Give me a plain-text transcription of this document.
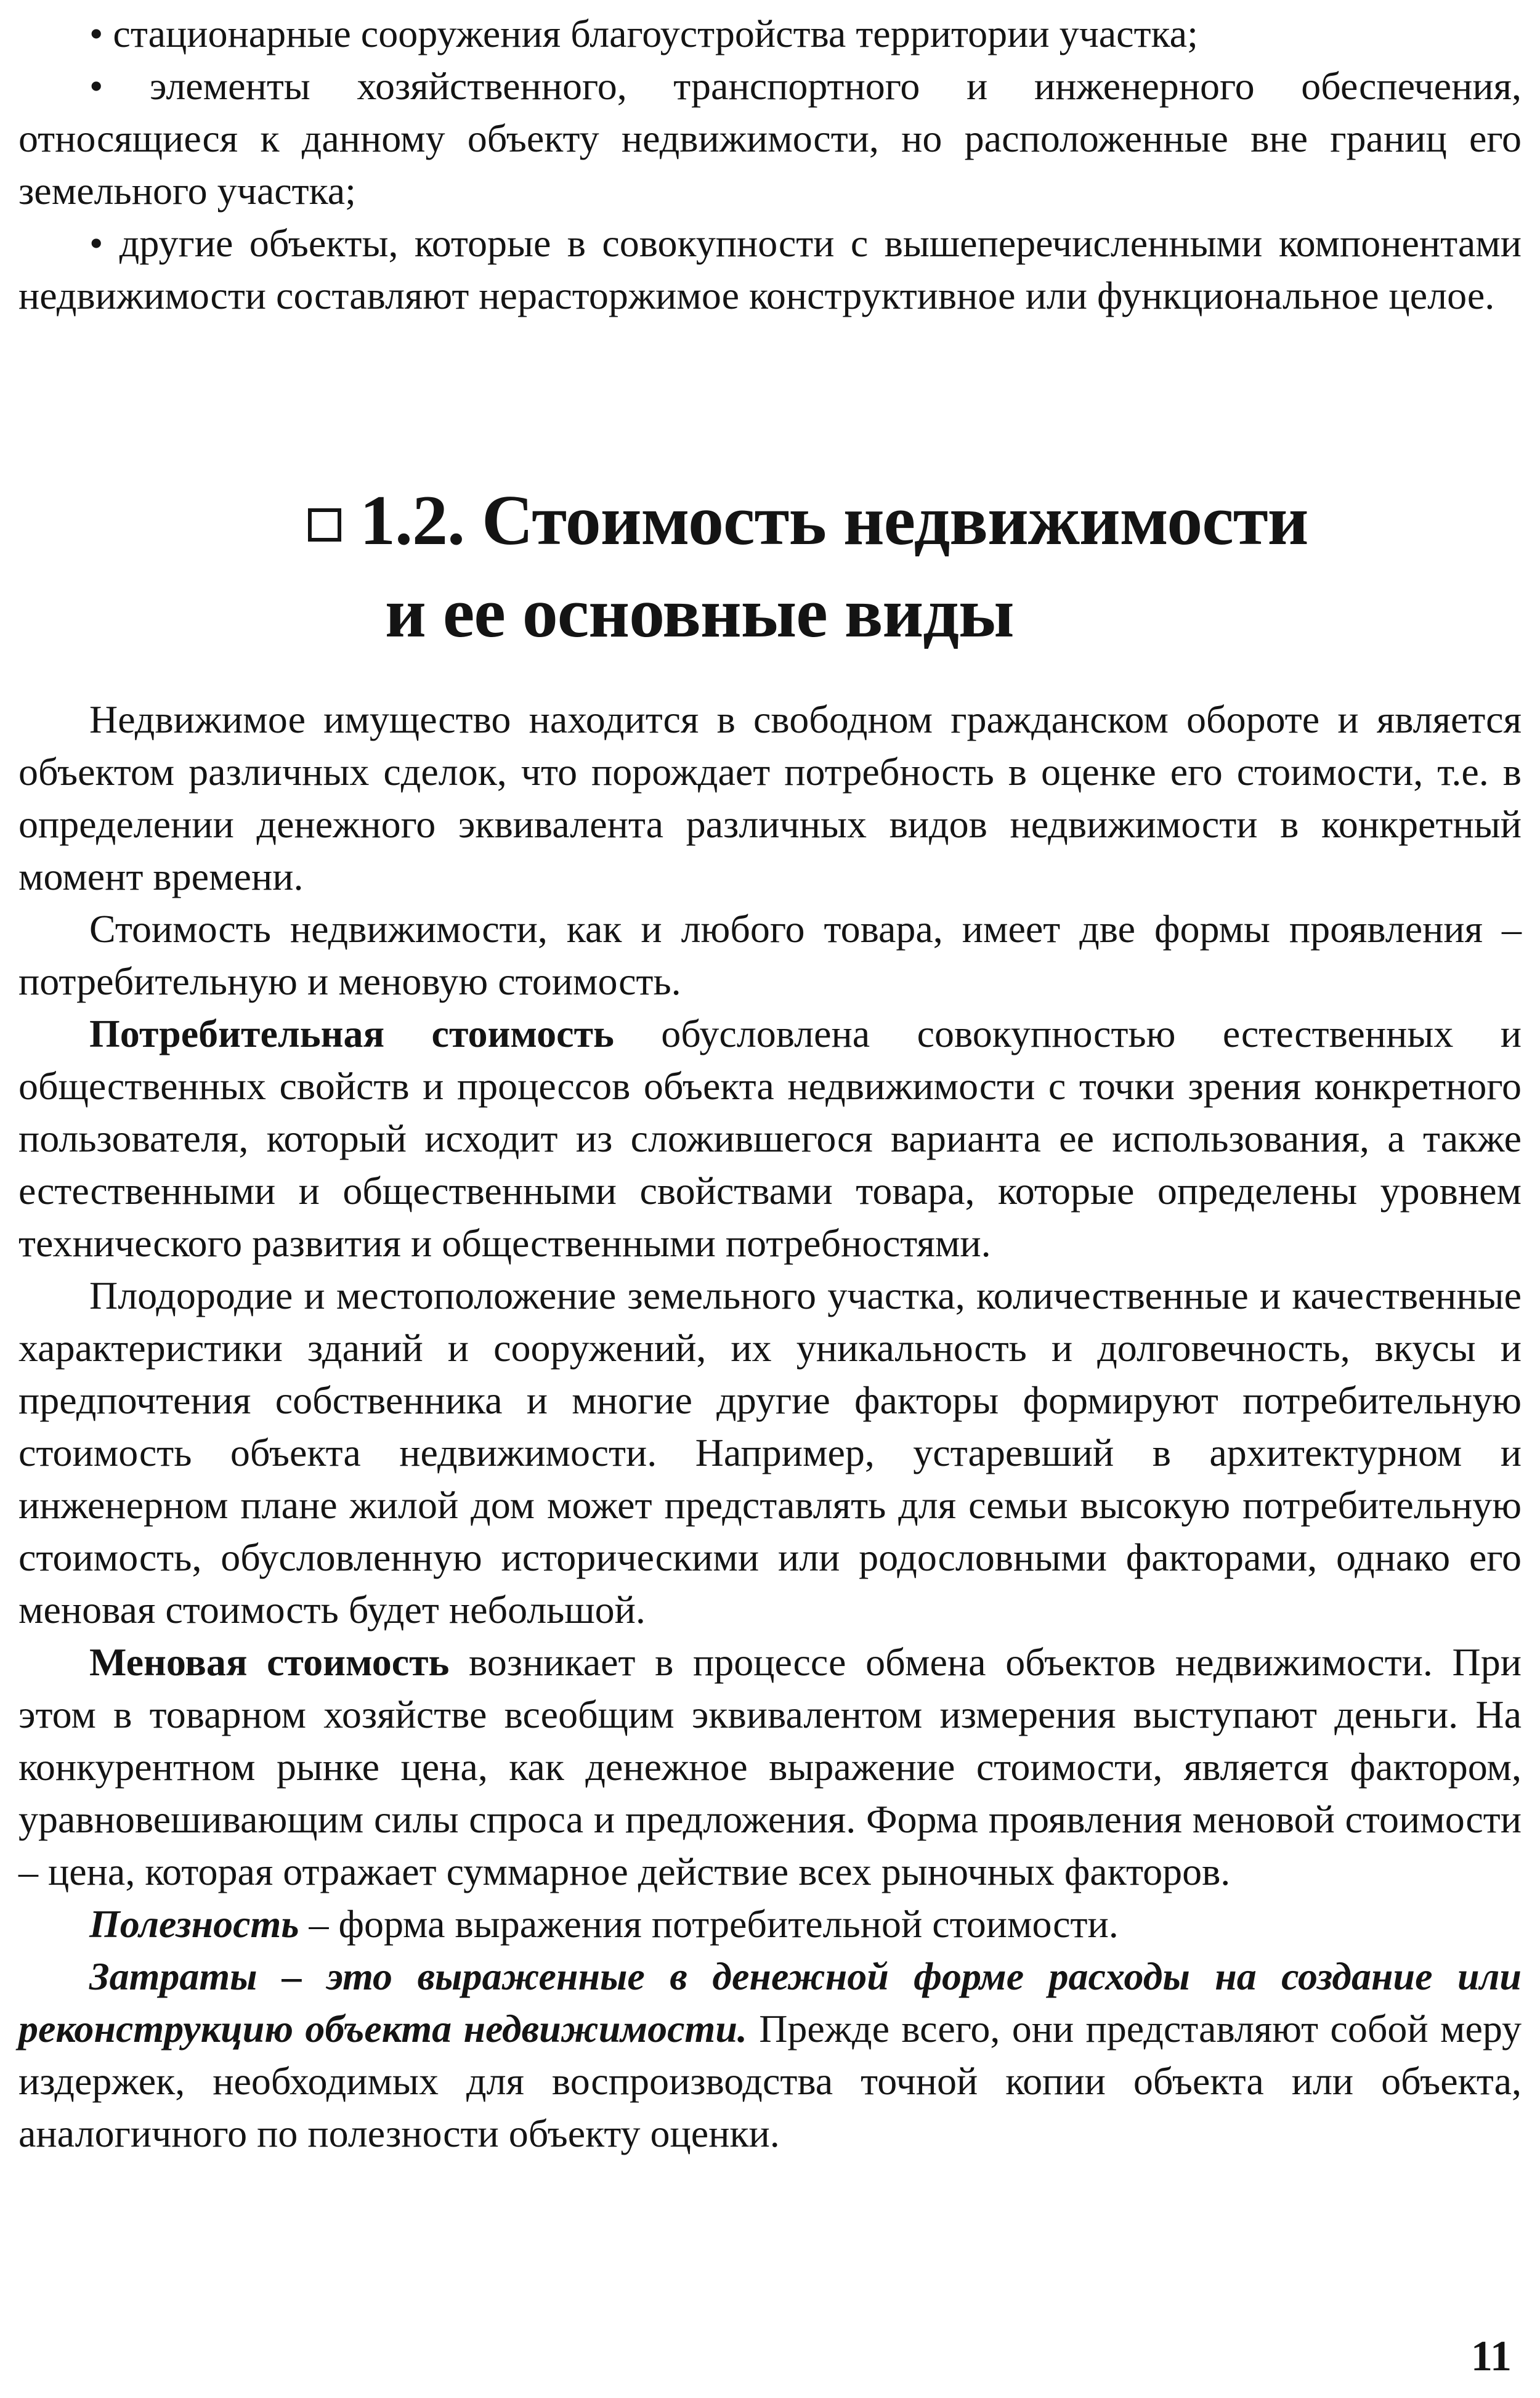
• стационарные сооружения благоустройства территории участка;

• элементы хозяйственного, транспортного и инженерного обеспечения, относящиеся к данному объекту недвижимости, но расположенные вне границ его земельного участка;

• другие объекты, которые в совокупности с вышеперечисленными компонентами недвижимости составляют нерасторжимое конструктивное или функциональное целое.

1.2. Стоимость недвижимости
и ее основные виды

Недвижимое имущество находится в свободном гражданском обороте и является объектом различных сделок, что порождает потребность в оценке его стоимости, т.е. в определении денежного эквивалента различных видов недвижимости в конкретный момент времени.

Стоимость недвижимости, как и любого товара, имеет две формы проявления – потребительную и меновую стоимость.

Потребительная стоимость обусловлена совокупностью естественных и общественных свойств и процессов объекта недвижимости с точки зрения конкретного пользователя, который исходит из сложившегося варианта ее использования, а также естественными и общественными свойствами товара, которые определены уровнем технического развития и общественными потребностями.

Плодородие и местоположение земельного участка, количественные и качественные характеристики зданий и сооружений, их уникальность и долговечность, вкусы и предпочтения собственника и многие другие факторы формируют потребительную стоимость объекта недвижимости. Например, устаревший в архитектурном и инженерном плане жилой дом может представлять для семьи высокую потребительную стоимость, обусловленную историческими или родословными факторами, однако его меновая стоимость будет небольшой.

Меновая стоимость возникает в процессе обмена объектов недвижимости. При этом в товарном хозяйстве всеобщим эквивалентом измерения выступают деньги. На конкурентном рынке цена, как денежное выражение стоимости, является фактором, уравновешивающим силы спроса и предложения. Форма проявления меновой стоимости – цена, которая отражает суммарное действие всех рыночных факторов.

Полезность – форма выражения потребительной стоимости.

Затраты – это выраженные в денежной форме расходы на создание или реконструкцию объекта недвижимости. Прежде всего, они представляют собой меру издержек, необходимых для воспроизводства точной копии объекта или объекта, аналогичного по полезности объекту оценки.

11
